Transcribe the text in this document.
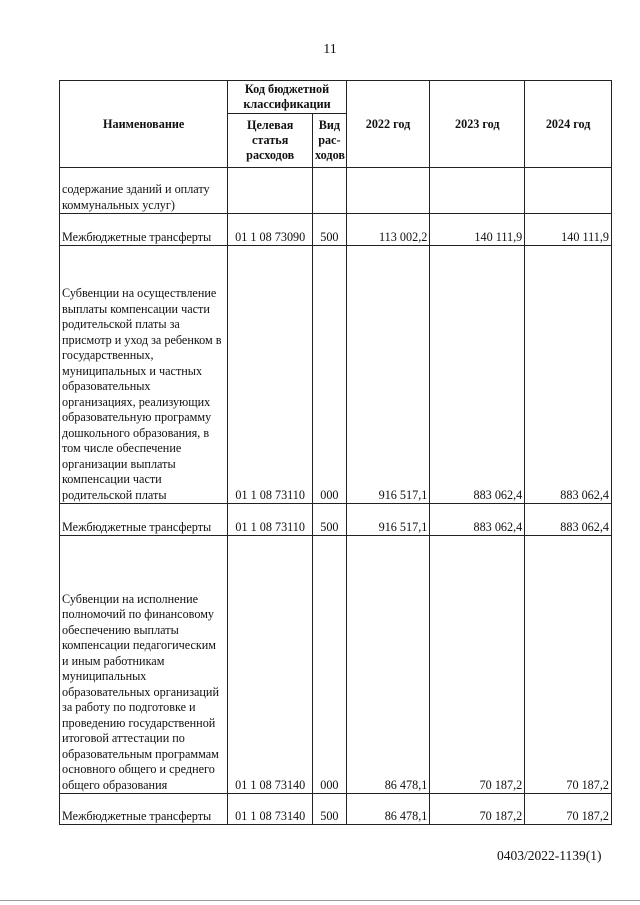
11
Наименование	Код бюджетной классификации		2022 год	2023 год	2024 год
	Целевая статья расходов	Вид рас-ходов			
содержание зданий и оплату коммунальных услуг)					
Межбюджетные трансферты	01 1 08 73090	500	113 002,2	140 111,9	140 111,9
Субвенции на осуществление выплаты компенсации части родительской платы за присмотр и уход за ребенком в государственных, муниципальных и частных образовательных организациях, реализующих образовательную программу дошкольного образования, в том числе обеспечение организации выплаты компенсации части родительской платы	01 1 08 73110	000	916 517,1	883 062,4	883 062,4
Межбюджетные трансферты	01 1 08 73110	500	916 517,1	883 062,4	883 062,4
Субвенции на исполнение полномочий по финансовому обеспечению выплаты компенсации педагогическим и иным работникам муниципальных образовательных организаций за работу по подготовке и проведению государственной итоговой аттестации по образовательным программам основного общего и среднего общего образования	01 1 08 73140	000	86 478,1	70 187,2	70 187,2
Межбюджетные трансферты	01 1 08 73140	500	86 478,1	70 187,2	70 187,2
0403/2022-1139(1)
